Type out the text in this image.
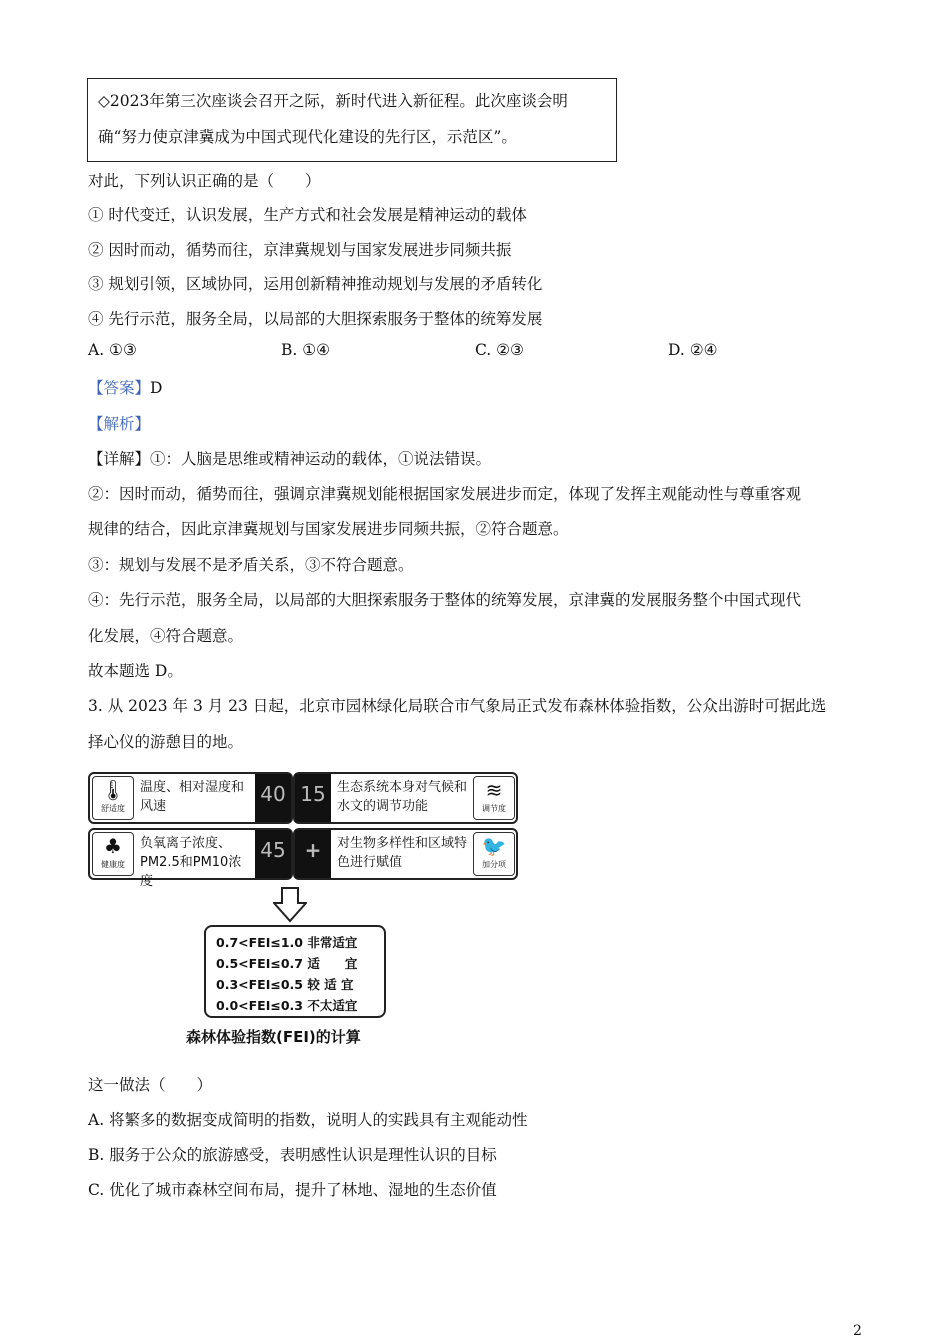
◇2023年第三次座谈会召开之际，新时代进入新征程。此次座谈会明
确“努力使京津冀成为中国式现代化建设的先行区，示范区”。
对此，下列认识正确的是（　　）
① 时代变迁，认识发展，生产方式和社会发展是精神运动的载体
② 因时而动，循势而往，京津冀规划与国家发展进步同频共振
③ 规划引领，区域协同，运用创新精神推动规划与发展的矛盾转化
④ 先行示范，服务全局，以局部的大胆探索服务于整体的统筹发展
A. ①③	B. ①④	C. ②③	D. ②④
【答案】D
【解析】
【详解】①：人脑是思维或精神运动的载体，①说法错误。
②：因时而动，循势而往，强调京津冀规划能根据国家发展进步而定，体现了发挥主观能动性与尊重客观
规律的结合，因此京津冀规划与国家发展进步同频共振，②符合题意。
③：规划与发展不是矛盾关系，③不符合题意。
④：先行示范，服务全局，以局部的大胆探索服务于整体的统筹发展，京津冀的发展服务整个中国式现代
化发展，④符合题意。
故本题选 D。
3. 从 2023 年 3 月 23 日起，北京市园林绿化局联合市气象局正式发布森林体验指数，公众出游时可据此选
择心仪的游憩目的地。
🌡
舒适度
温度、相对湿度和风速
40 15 生态系统本身对气候和水文的调节功能
≋
调节度
♣
健康度
负氧离子浓度、PM2.5和PM10浓度
45 +	对生物多样性和区域特色进行赋值
🐦
加分项
0.7<FEI≤1.0 非常适宜
0.5<FEI≤0.7 适　　宜
0.3<FEI≤0.5 较 适 宜
0.0<FEI≤0.3 不太适宜
森林体验指数(FEI)的计算
这一做法（　　）
A. 将繁多的数据变成简明的指数，说明人的实践具有主观能动性
B. 服务于公众的旅游感受，表明感性认识是理性认识的目标
C. 优化了城市森林空间布局，提升了林地、湿地的生态价值
2
